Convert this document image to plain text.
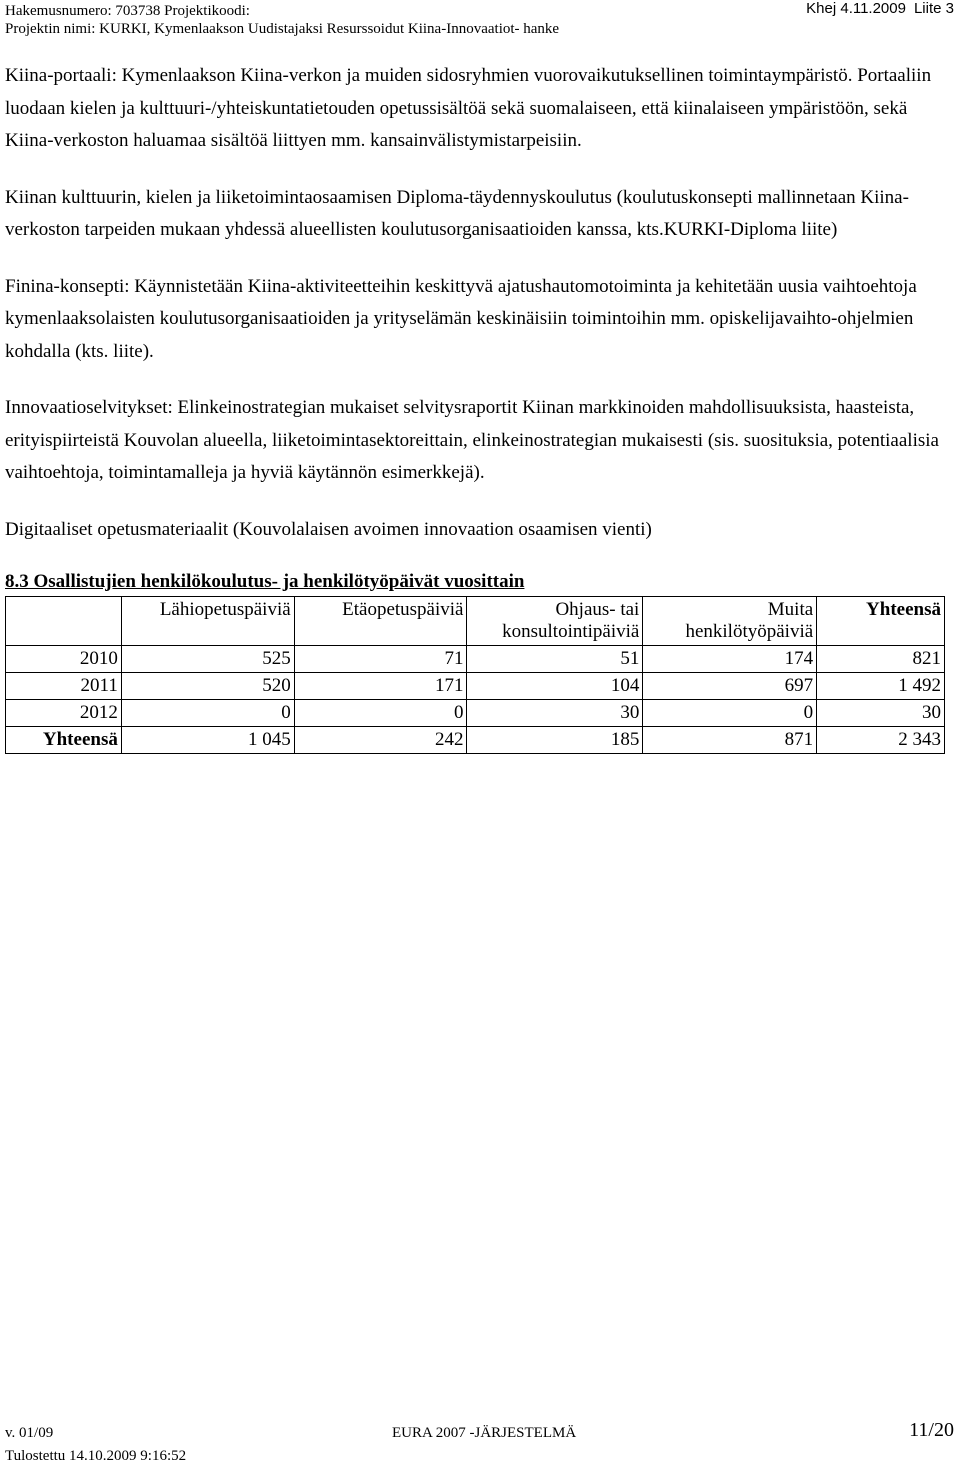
Hakemusnumero: 703738 Projektikoodi:
Projektin nimi: KURKI, Kymenlaakson Uudistajaksi Resurssoidut Kiina-Innovaatiot- hanke
Khej 4.11.2009 Liite 3

Kiina-portaali: Kymenlaakson Kiina-verkon ja muiden sidosryhmien vuorovaikutuksellinen toimintaympäristö. Portaaliin luodaan kielen ja kulttuuri-/yhteiskuntatietouden opetussisältöä sekä suomalaiseen, että kiinalaiseen ympäristöön, sekä Kiina-verkoston haluamaa sisältöä liittyen mm. kansainvälistymistarpeisiin.

Kiinan kulttuurin, kielen ja liiketoimintaosaamisen Diploma-täydennyskoulutus (koulutuskonsepti mallinnetaan Kiina-verkoston tarpeiden mukaan yhdessä alueellisten koulutusorganisaatioiden kanssa, kts.KURKI-Diploma liite)

Finina-konsepti: Käynnistetään Kiina-aktiviteetteihin keskittyvä ajatushautomotoiminta ja kehitetään uusia vaihtoehtoja kymenlaaksolaisten koulutusorganisaatioiden ja yrityselämän keskinäisiin toimintoihin mm. opiskelijavaihto-ohjelmien kohdalla (kts. liite).

Innovaatioselvitykset: Elinkeinostrategian mukaiset selvitysraportit Kiinan markkinoiden mahdollisuuksista, haasteista, erityispiirteistä Kouvolan alueella, liiketoimintasektoreittain, elinkeinostrategian mukaisesti (sis. suosituksia, potentiaalisia vaihtoehtoja, toimintamalleja ja hyviä käytännön esimerkkejä).

Digitaaliset opetusmateriaalit (Kouvolalaisen avoimen innovaation osaamisen vienti)

8.3 Osallistujien henkilökoulutus- ja henkilötyöpäivät vuosittain
	Lähiopetuspäiviä	Etäopetuspäiviä	Ohjaus- tai konsultointipäiviä	Muita henkilötyöpäiviä	Yhteensä
2010	525	71	51	174	821
2011	520	171	104	697	1 492
2012	0	0	30	0	30
Yhteensä	1 045	242	185	871	2 343
v. 01/09	EURA 2007 -JÄRJESTELMÄ	11/20
Tulostettu 14.10.2009 9:16:52
